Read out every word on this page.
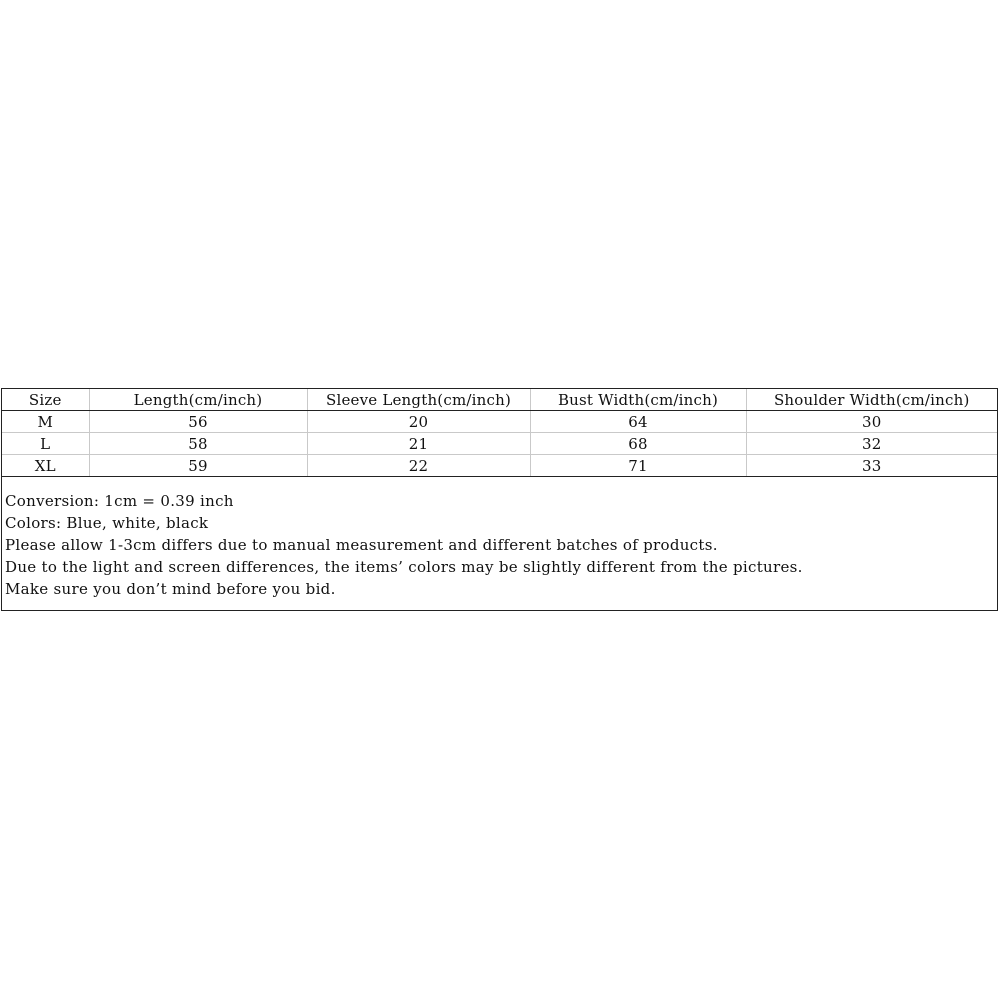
Size	Length(cm/inch)	Sleeve Length(cm/inch)	Bust Width(cm/inch)	Shoulder Width(cm/inch)
M	56	20	64	30
L	58	21	68	32
XL	59	22	71	33
Conversion: 1cm = 0.39 inch
Colors: Blue, white, black
Please allow 1-3cm differs due to manual measurement and different batches of products.
Due to the light and screen differences, the items’ colors may be slightly different from the pictures.
Make sure you don’t mind before you bid.
